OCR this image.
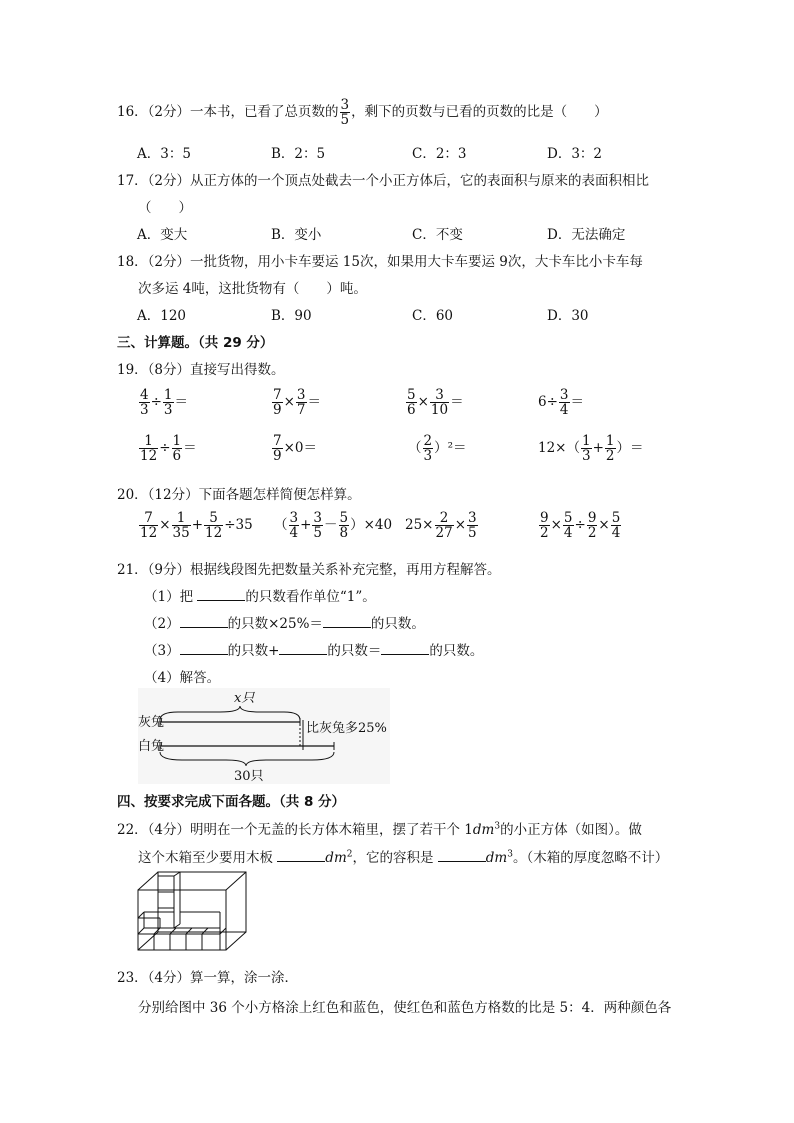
16．（2分）一本书，已看了总页数的 $\frac{3}{5}$ ，剩下的页数与已看的页数的比是（　　）
A．3：5	B．2：5	C．2：3	D．3：2
17．（2分）从正方体的一个顶点处截去一个小正方体后，它的表面积与原来的表面积相比
（　　）
A．变大	B．变小	C．不变	D．无法确定
18．（2分）一批货物，用小卡车要运 15次，如果用大卡车要运 9次，大卡车比小卡车每
次多运 4吨，这批货物有（　　）吨。
A．120	B．90	C．60	D．30
三、计算题。（共 29 分）
19．（8分）直接写出得数。
$\frac{4}{3} \div \frac{1}{3}$ ＝	$\frac{7}{9} \times \frac{3}{7}$ ＝	$\frac{5}{6} \times \frac{3}{10}$ ＝	$6\div \frac{3}{4}$ ＝
$\frac{1}{12} \div \frac{1}{6}$ ＝	$\frac{7}{9} \times 0=$	（ $\frac{2}{3} )^2=$	$12\times( \frac{1}{3} + \frac{1}{2}$ ）＝
20．（12分）下面各题怎样简便怎样算。
$\frac{7}{12} \times \frac{1}{35} + \frac{5}{12} \div 35$ （ $\frac{3}{4} + \frac{3}{5} - \frac{5}{8} )\times 40$ $25\times \frac{2}{27} \times \frac{3}{5}$	$\frac{9}{2} \times \frac{5}{4} \div \frac{9}{2} \times \frac{5}{4}$
21．（9分）根据线段图先把数量关系补充完整，再用方程解答。
（1）把	的只数看作单位“1”。
（2）	的只数×25%＝	的只数。
（3）	的只数+	的只数＝	的只数。
（4）解答。
x只
灰兔	比灰兔多25%
白兔
30只
四、按要求完成下面各题。（共 8 分）
22．（4分）明明在一个无盖的长方体木箱里，摆了若干个 $1dm^3$的小正方体（如图）。做
这个木箱至少要用木板	$dm^2$，它的容积是	$dm^3$。（木箱的厚度忽略不计）
23．（4分）算一算，涂一涂．
分别给图中 36 个小方格涂上红色和蓝色，使红色和蓝色方格数的比是 5：4．两种颜色各
